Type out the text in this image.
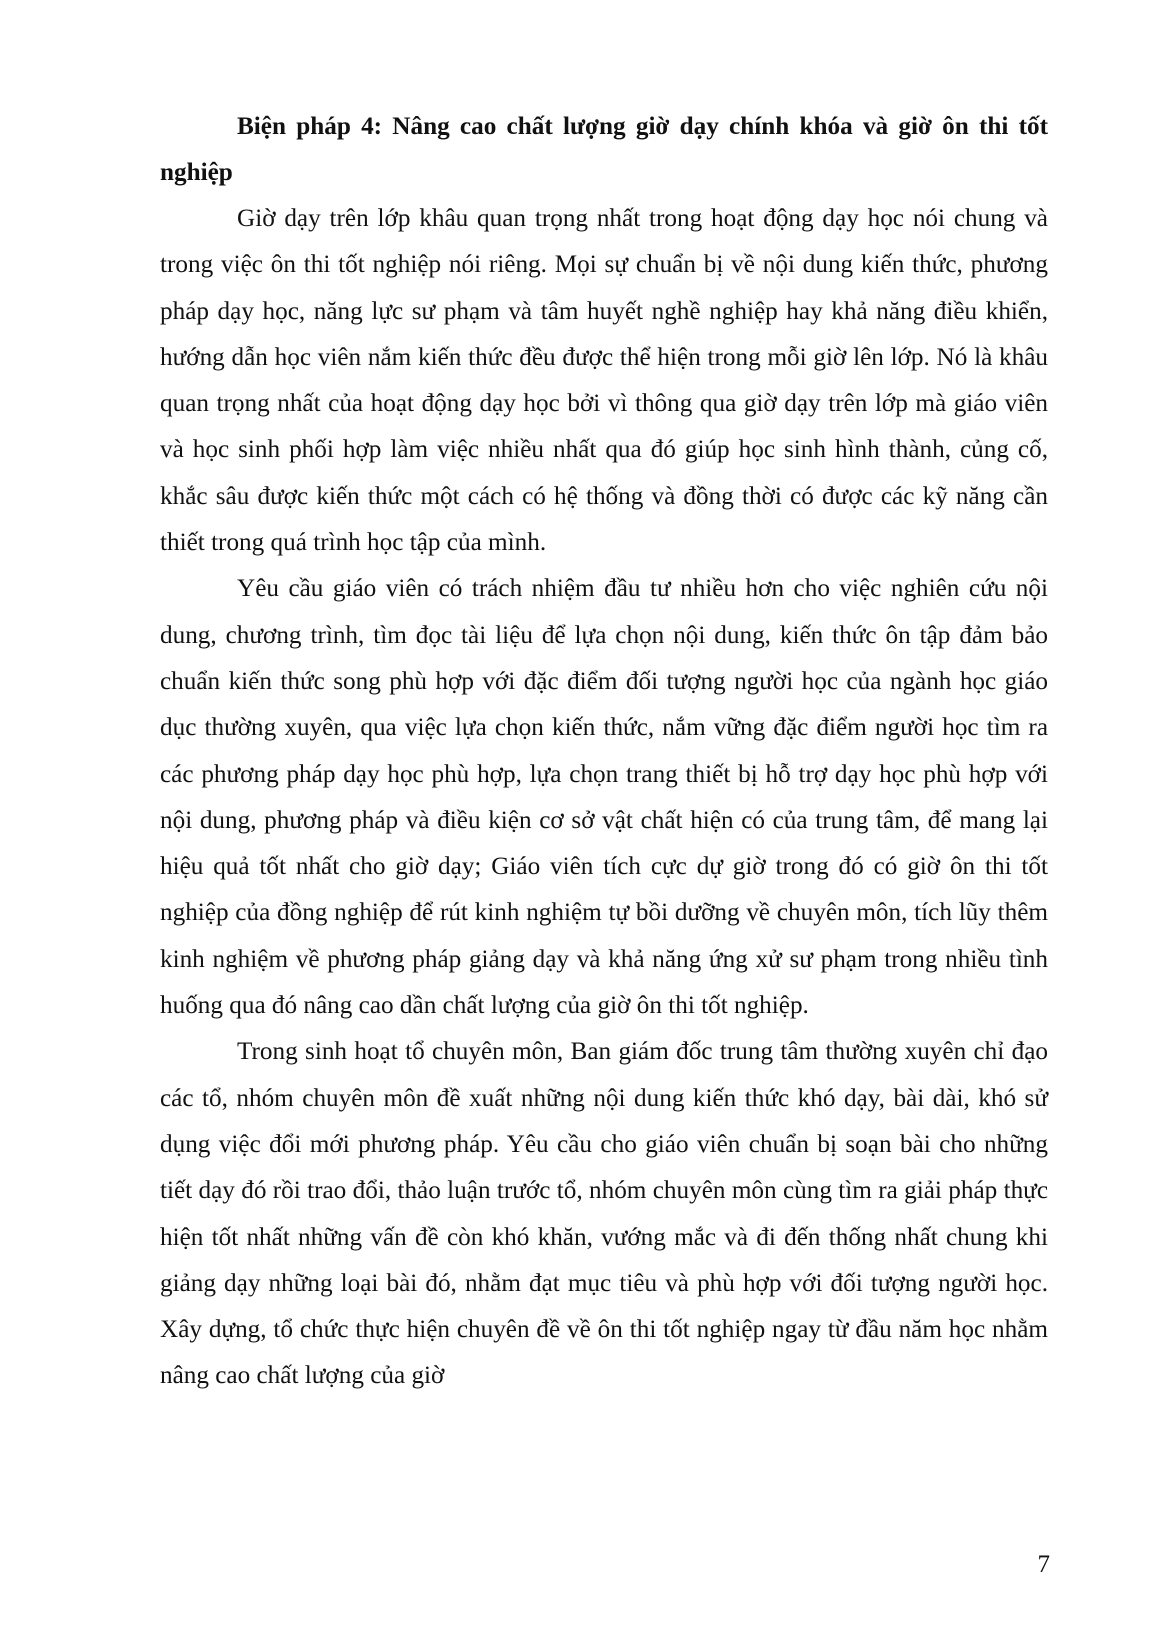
Biện pháp 4: Nâng cao chất lượng giờ dạy chính khóa và giờ ôn thi tốt nghiệp

Giờ dạy trên lớp khâu quan trọng nhất trong hoạt động dạy học nói chung và trong việc ôn thi tốt nghiệp nói riêng. Mọi sự chuẩn bị về nội dung kiến thức, phương pháp dạy học, năng lực sư phạm và tâm huyết nghề nghiệp hay khả năng điều khiển, hướng dẫn học viên nắm kiến thức đều được thể hiện trong mỗi giờ lên lớp. Nó là khâu quan trọng nhất của hoạt động dạy học bởi vì thông qua giờ dạy trên lớp mà giáo viên và học sinh phối hợp làm việc nhiều nhất qua đó giúp học sinh hình thành, củng cố, khắc sâu được kiến thức một cách có hệ thống và đồng thời có được các kỹ năng cần thiết trong quá trình học tập của mình.

Yêu cầu giáo viên có trách nhiệm đầu tư nhiều hơn cho việc nghiên cứu nội dung, chương trình, tìm đọc tài liệu để lựa chọn nội dung, kiến thức ôn tập đảm bảo chuẩn kiến thức song phù hợp với đặc điểm đối tượng người học của ngành học giáo dục thường xuyên, qua việc lựa chọn kiến thức, nắm vững đặc điểm người học tìm ra các phương pháp dạy học phù hợp, lựa chọn trang thiết bị hỗ trợ dạy học phù hợp với nội dung, phương pháp và điều kiện cơ sở vật chất hiện có của trung tâm, để mang lại hiệu quả tốt nhất cho giờ dạy; Giáo viên tích cực dự giờ trong đó có giờ ôn thi tốt nghiệp của đồng nghiệp để rút kinh nghiệm tự bồi dưỡng về chuyên môn, tích lũy thêm kinh nghiệm về phương pháp giảng dạy và khả năng ứng xử sư phạm trong nhiều tình huống qua đó nâng cao dần chất lượng của giờ ôn thi tốt nghiệp.

Trong sinh hoạt tổ chuyên môn, Ban giám đốc trung tâm thường xuyên chỉ đạo các tổ, nhóm chuyên môn đề xuất những nội dung kiến thức khó dạy, bài dài, khó sử dụng việc đổi mới phương pháp. Yêu cầu cho giáo viên chuẩn bị soạn bài cho những tiết dạy đó rồi trao đổi, thảo luận trước tổ, nhóm chuyên môn cùng tìm ra giải pháp thực hiện tốt nhất những vấn đề còn khó khăn, vướng mắc và đi đến thống nhất chung khi giảng dạy những loại bài đó, nhằm đạt mục tiêu và phù hợp với đối tượng người học. Xây dựng, tổ chức thực hiện chuyên đề về ôn thi tốt nghiệp ngay từ đầu năm học nhằm nâng cao chất lượng của giờ

7
